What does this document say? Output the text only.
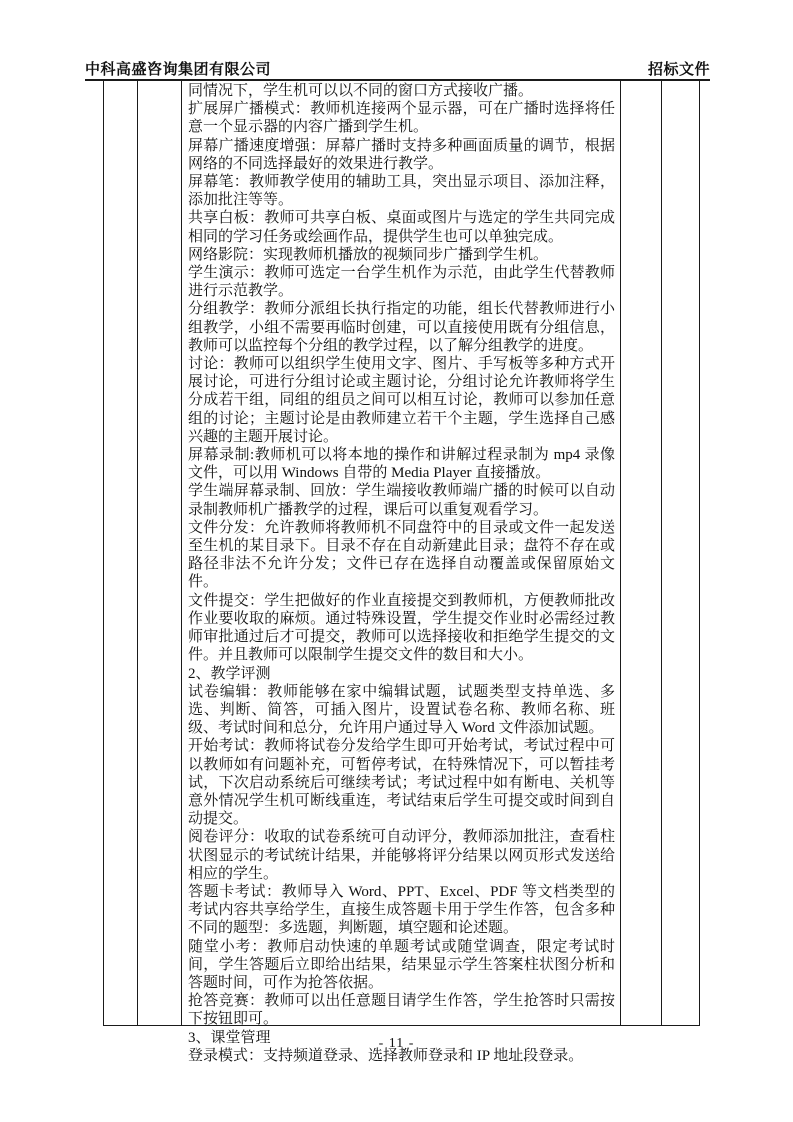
中科高盛咨询集团有限公司	招标文件

同情况下，学生机可以以不同的窗口方式接收广播。

扩展屏广播模式：教师机连接两个显示器，可在广播时选择将任意一个显示器的内容广播到学生机。

屏幕广播速度增强：屏幕广播时支持多种画面质量的调节，根据网络的不同选择最好的效果进行教学。

屏幕笔：教师教学使用的辅助工具，突出显示项目、添加注释，添加批注等等。

共享白板：教师可共享白板、桌面或图片与选定的学生共同完成相同的学习任务或绘画作品，提供学生也可以单独完成。

网络影院：实现教师机播放的视频同步广播到学生机。

学生演示：教师可选定一台学生机作为示范，由此学生代替教师进行示范教学。

分组教学：教师分派组长执行指定的功能，组长代替教师进行小组教学，小组不需要再临时创建，可以直接使用既有分组信息，教师可以监控每个分组的教学过程，以了解分组教学的进度。

讨论：教师可以组织学生使用文字、图片、手写板等多种方式开展讨论，可进行分组讨论或主题讨论，分组讨论允许教师将学生分成若干组，同组的组员之间可以相互讨论，教师可以参加任意组的讨论；主题讨论是由教师建立若干个主题，学生选择自己感兴趣的主题开展讨论。

屏幕录制:教师机可以将本地的操作和讲解过程录制为 mp4 录像文件，可以用 Windows 自带的 Media Player 直接播放。

学生端屏幕录制、回放：学生端接收教师端广播的时候可以自动录制教师机广播教学的过程，课后可以重复观看学习。

文件分发：允许教师将教师机不同盘符中的目录或文件一起发送至生机的某目录下。目录不存在自动新建此目录；盘符不存在或路径非法不允许分发；文件已存在选择自动覆盖或保留原始文件。

文件提交：学生把做好的作业直接提交到教师机，方便教师批改作业要收取的麻烦。通过特殊设置，学生提交作业时必需经过教师审批通过后才可提交，教师可以选择接收和拒绝学生提交的文件。并且教师可以限制学生提交文件的数目和大小。

2、教学评测

试卷编辑：教师能够在家中编辑试题，试题类型支持单选、多选、判断、简答，可插入图片，设置试卷名称、教师名称、班级、考试时间和总分，允许用户通过导入 Word 文件添加试题。

开始考试：教师将试卷分发给学生即可开始考试，考试过程中可以教师如有问题补充，可暂停考试，在特殊情况下，可以暂挂考试，下次启动系统后可继续考试；考试过程中如有断电、关机等意外情况学生机可断线重连，考试结束后学生可提交或时间到自动提交。

阅卷评分：收取的试卷系统可自动评分，教师添加批注，查看柱状图显示的考试统计结果，并能够将评分结果以网页形式发送给相应的学生。

答题卡考试：教师导入 Word、PPT、Excel、PDF 等文档类型的考试内容共享给学生，直接生成答题卡用于学生作答，包含多种不同的题型：多选题，判断题，填空题和论述题。

随堂小考：教师启动快速的单题考试或随堂调查，限定考试时间，学生答题后立即给出结果，结果显示学生答案柱状图分析和答题时间，可作为抢答依据。

抢答竞赛：教师可以出任意题目请学生作答，学生抢答时只需按下按钮即可。

3、课堂管理

登录模式：支持频道登录、选择教师登录和 IP 地址段登录。

- 11 -
